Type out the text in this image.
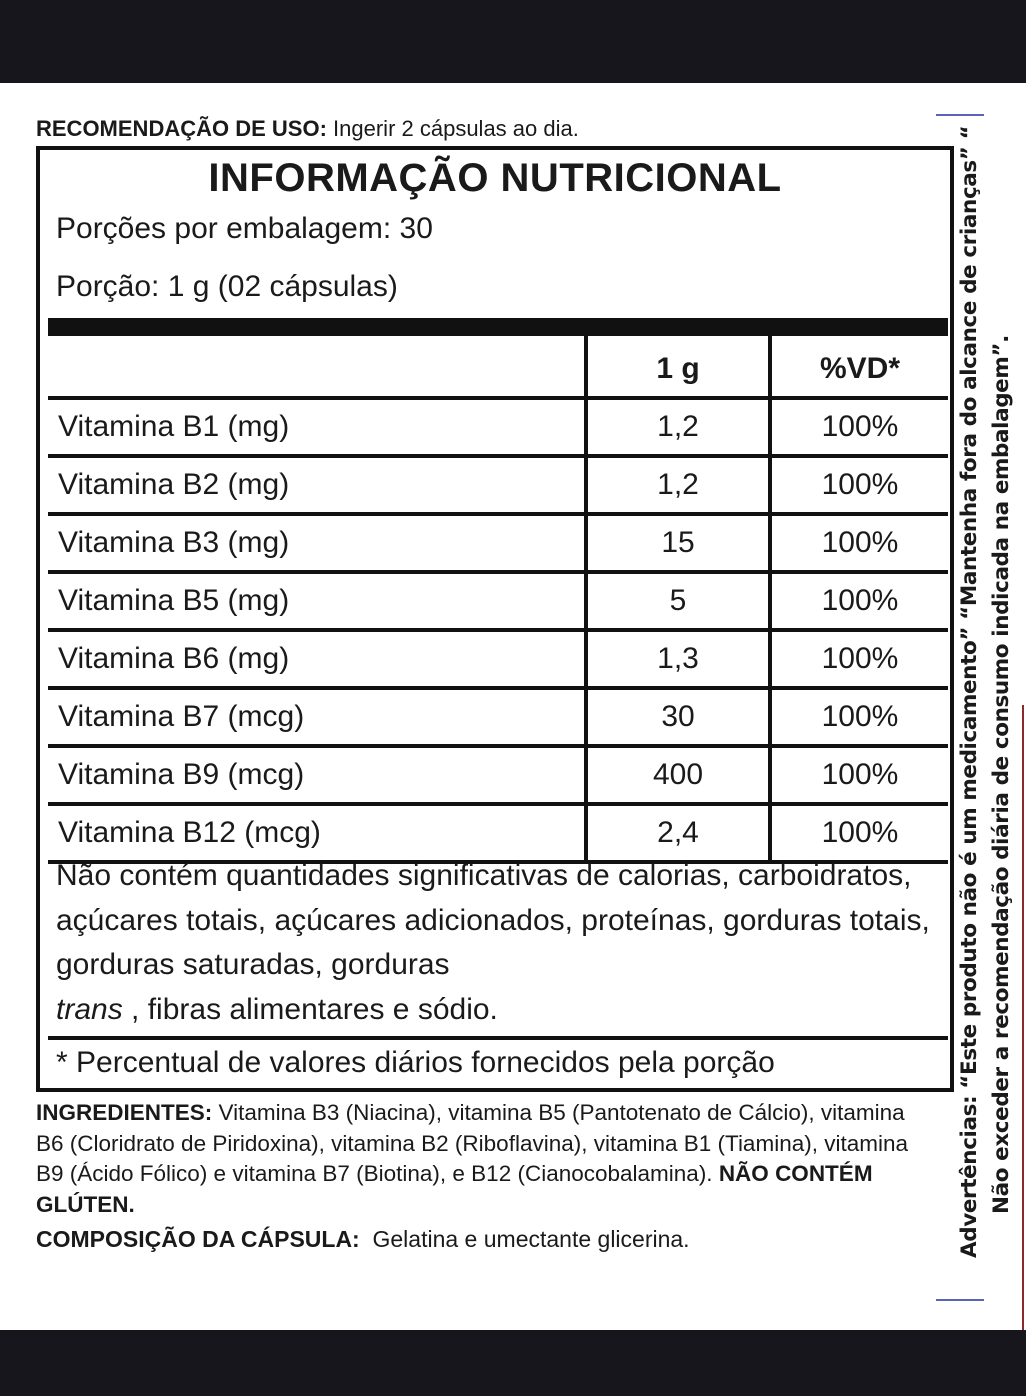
RECOMENDAÇÃO DE USO: Ingerir 2 cápsulas ao dia.
INFORMAÇÃO NUTRICIONAL
Porções por embalagem: 30
Porção: 1 g (02 cápsulas)
	1 g	%VD*
Vitamina B1 (mg)	1,2	100%
Vitamina B2 (mg)	1,2	100%
Vitamina B3 (mg)	15	100%
Vitamina B5 (mg)	5	100%
Vitamina B6 (mg)	1,3	100%
Vitamina B7 (mcg)	30	100%
Vitamina B9 (mcg)	400	100%
Vitamina B12 (mcg)	2,4	100%
Não contém quantidades significativas de calorias, carboidratos, açúcares totais, açúcares adicionados, proteínas, gorduras totais, gorduras saturadas, gorduras
trans , fibras alimentares e sódio.
* Percentual de valores diários fornecidos pela porção
INGREDIENTES: Vitamina B3 (Niacina), vitamina B5 (Pantotenato de Cálcio), vitamina B6 (Cloridrato de Piridoxina), vitamina B2 (Riboflavina), vitamina B1 (Tiamina), vitamina B9 (Ácido Fólico) e vitamina B7 (Biotina), e B12 (Cianocobalamina). NÃO CONTÉM GLÚTEN.
COMPOSIÇÃO DA CÁPSULA: Gelatina e umectante glicerina.	Advertências: “Este produto não é um medicamento” “Mantenha fora do alcance de crianças” “ Não exceder a recomendação diária de consumo indicada na embalagem”.
